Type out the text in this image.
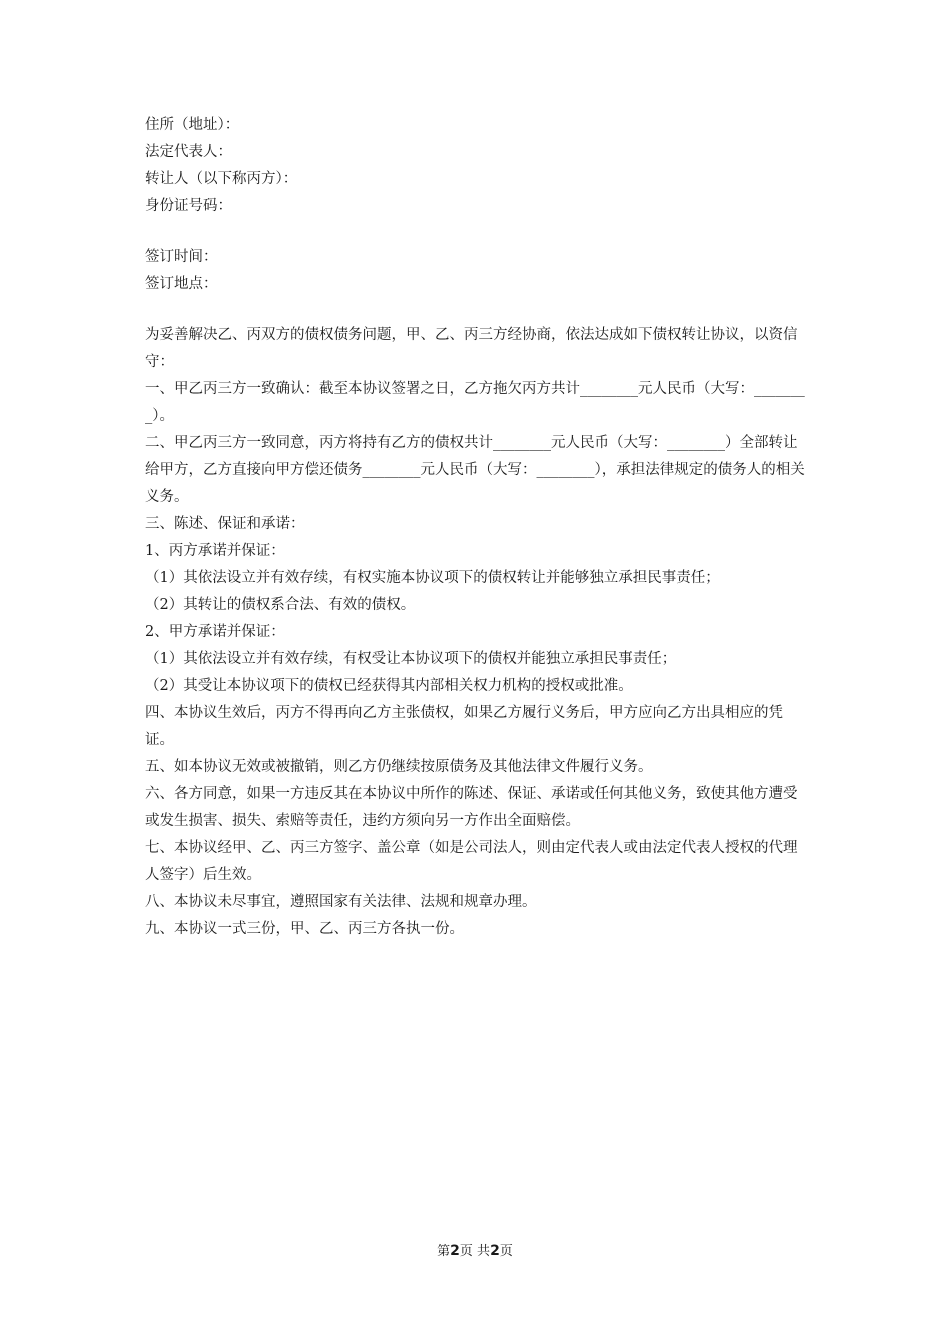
住所（地址）：
法定代表人：
转让人（以下称丙方）：
身份证号码：
签订时间：
签订地点：
为妥善解决乙、丙双方的债权债务问题，甲、乙、丙三方经协商，依法达成如下债权转让协议，以资信守：
一、甲乙丙三方一致确认：截至本协议签署之日，乙方拖欠丙方共计________元人民币（大写：________）。
二、甲乙丙三方一致同意，丙方将持有乙方的债权共计________元人民币（大写：________）全部转让给甲方，乙方直接向甲方偿还债务________元人民币（大写：________），承担法律规定的债务人的相关义务。
三、陈述、保证和承诺：
1、丙方承诺并保证：
（1）其依法设立并有效存续，有权实施本协议项下的债权转让并能够独立承担民事责任；
（2）其转让的债权系合法、有效的债权。
2、甲方承诺并保证：
（1）其依法设立并有效存续，有权受让本协议项下的债权并能独立承担民事责任；
（2）其受让本协议项下的债权已经获得其内部相关权力机构的授权或批准。
四、本协议生效后，丙方不得再向乙方主张债权，如果乙方履行义务后，甲方应向乙方出具相应的凭证。
五、如本协议无效或被撤销，则乙方仍继续按原债务及其他法律文件履行义务。
六、各方同意，如果一方违反其在本协议中所作的陈述、保证、承诺或任何其他义务，致使其他方遭受或发生损害、损失、索赔等责任，违约方须向另一方作出全面赔偿。
七、本协议经甲、乙、丙三方签字、盖公章（如是公司法人，则由定代表人或由法定代表人授权的代理人签字）后生效。
八、本协议未尽事宜，遵照国家有关法律、法规和规章办理。
九、本协议一式三份，甲、乙、丙三方各执一份。
第2页 共2页
